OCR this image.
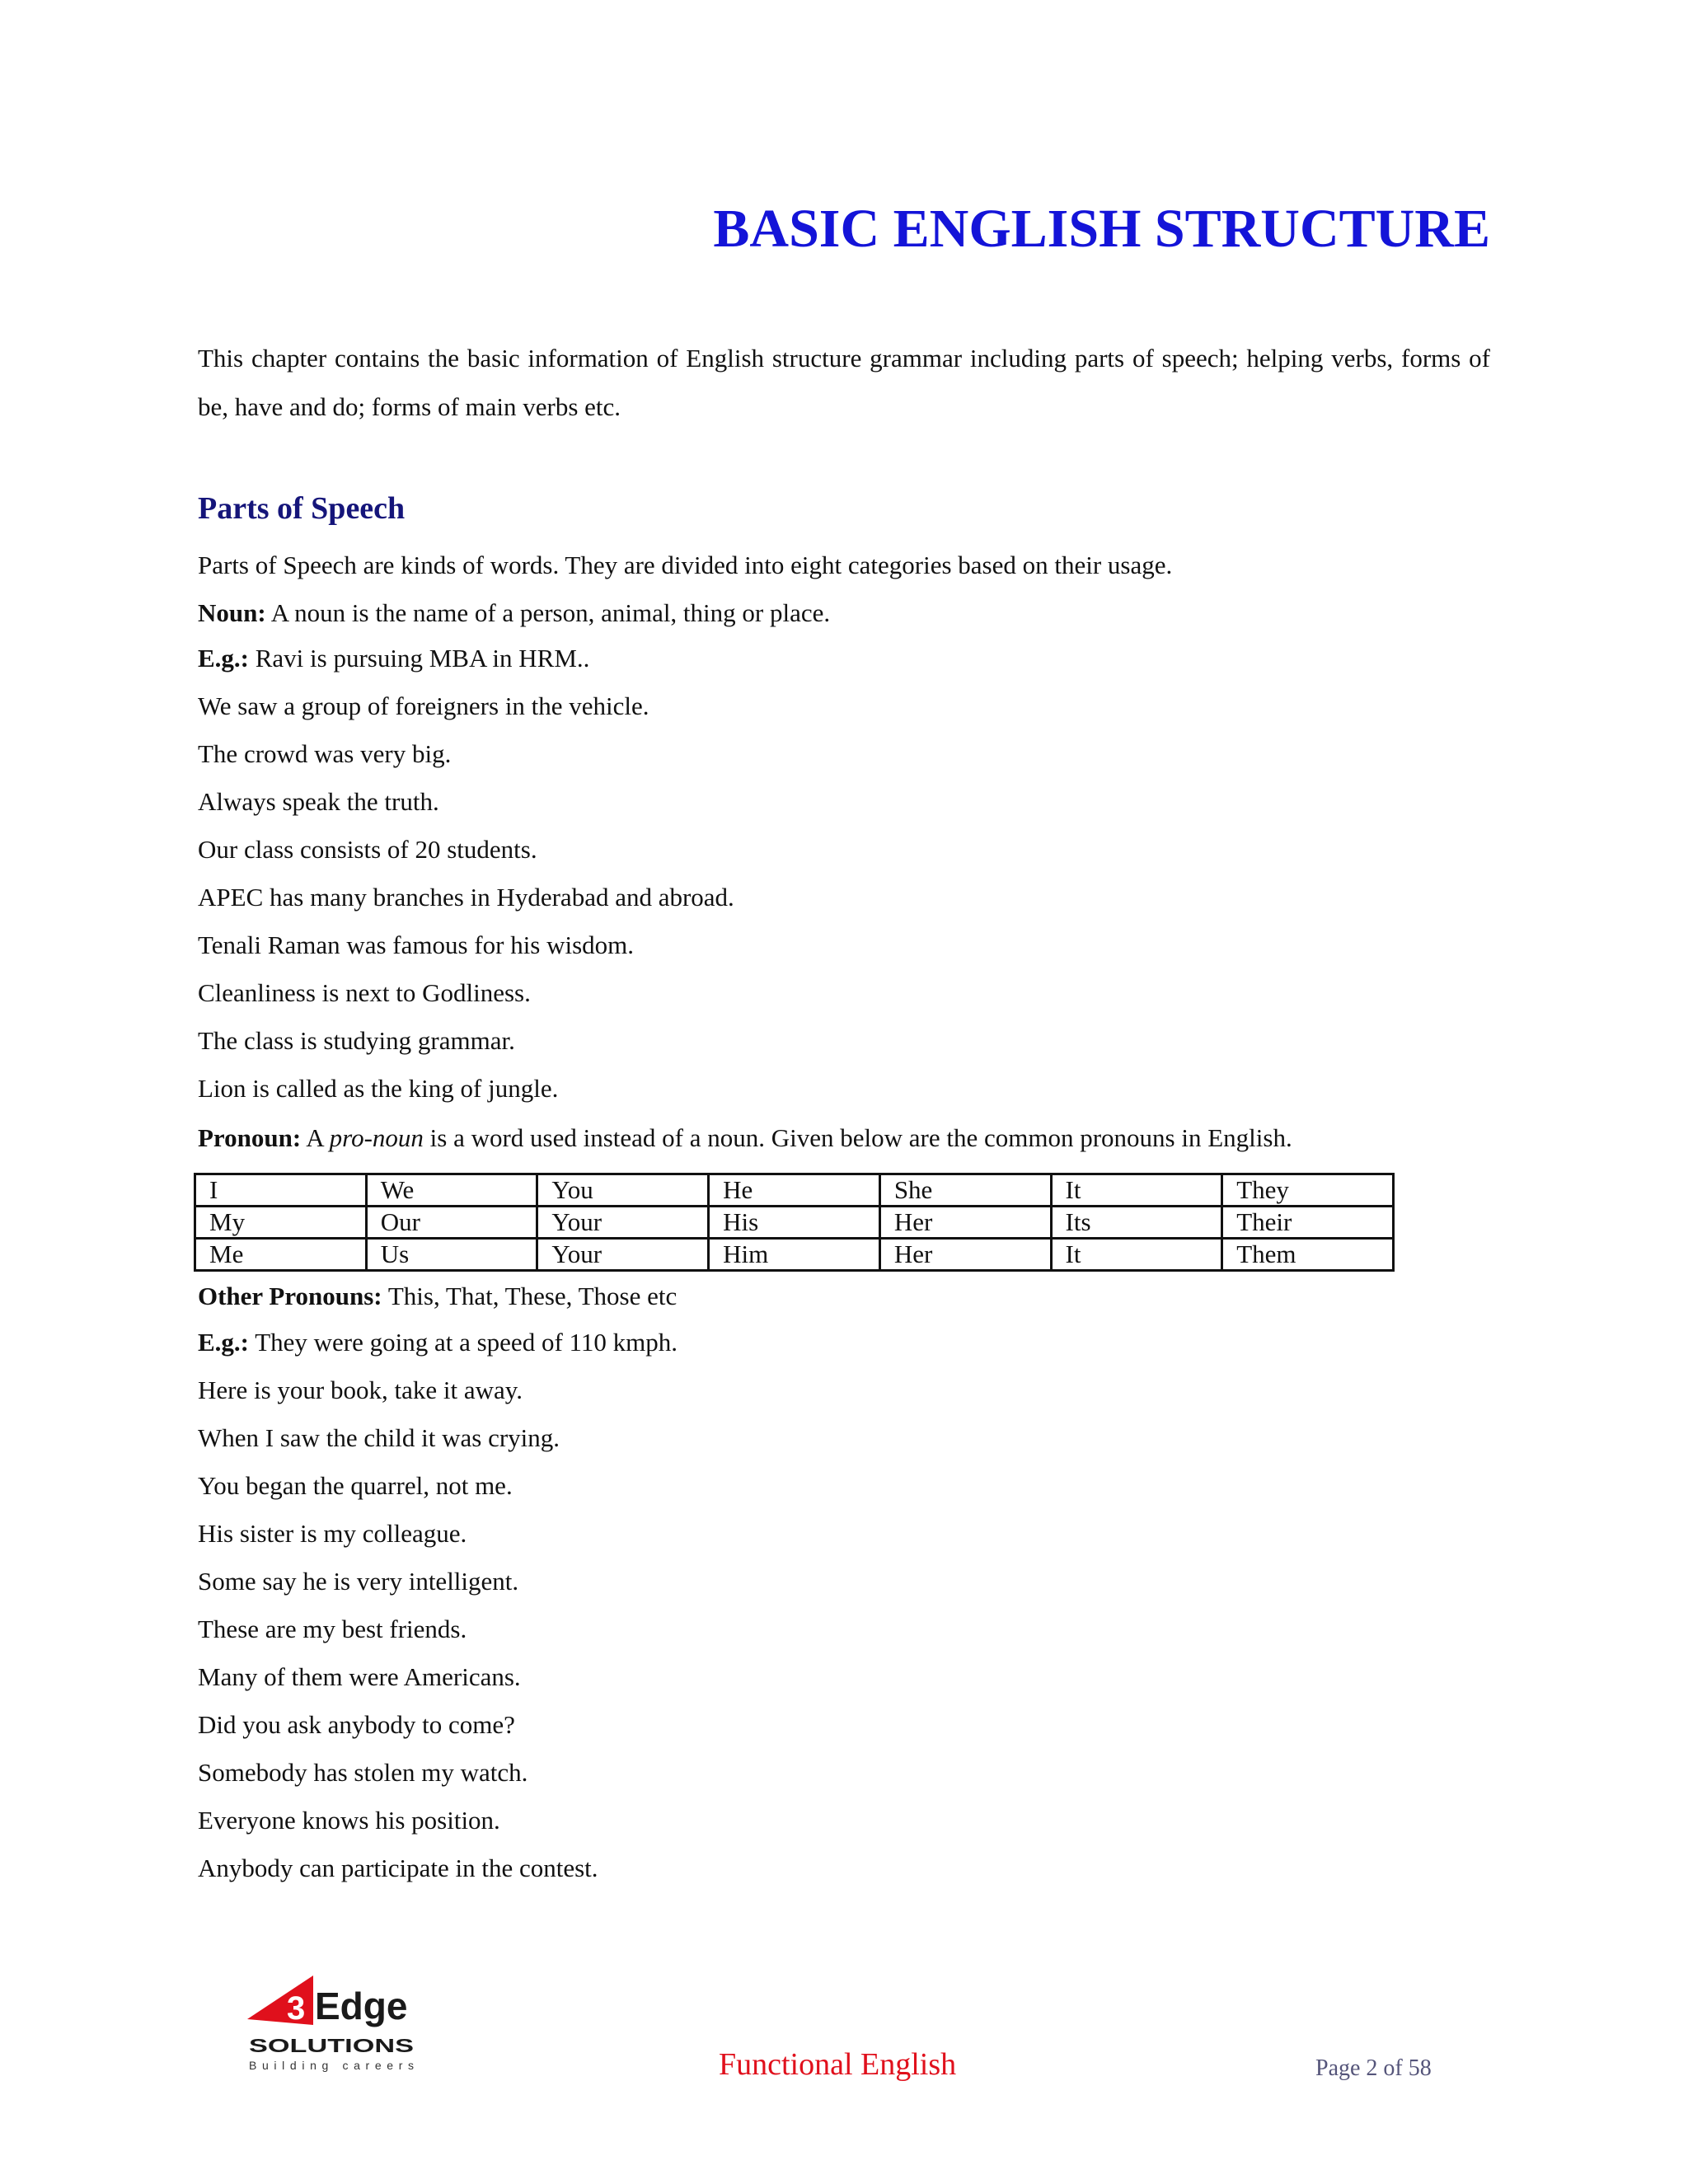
BASIC ENGLISH STRUCTURE

This chapter contains the basic information of English structure grammar including parts of speech; helping verbs, forms of be, have and do; forms of main verbs etc.

Parts of Speech

Parts of Speech are kinds of words. They are divided into eight categories based on their usage.

Noun: A noun is the name of a person, animal, thing or place.

E.g.: Ravi is pursuing MBA in HRM..
We saw a group of foreigners in the vehicle.
The crowd was very big.
Always speak the truth.
Our class consists of 20 students.
APEC has many branches in Hyderabad and abroad.
Tenali Raman was famous for his wisdom.
Cleanliness is next to Godliness.
The class is studying grammar.
Lion is called as the king of jungle.

Pronoun: A pro-noun is a word used instead of a noun. Given below are the common pronouns in English.

I	We	You	He	She	It	They
My	Our	Your	His	Her	Its	Their
Me	Us	Your	Him	Her	It	Them

Other Pronouns: This, That, These, Those etc

E.g.: They were going at a speed of 110 kmph.
Here is your book, take it away.
When I saw the child it was crying.
You began the quarrel, not me.
His sister is my colleague.
Some say he is very intelligent.
These are my best friends.
Many of them were Americans.
Did you ask anybody to come?
Somebody has stolen my watch.
Everyone knows his position.
Anybody can participate in the contest.
3 Edge
SOLUTIONS
Building careers	Functional English	Page 2 of 58
